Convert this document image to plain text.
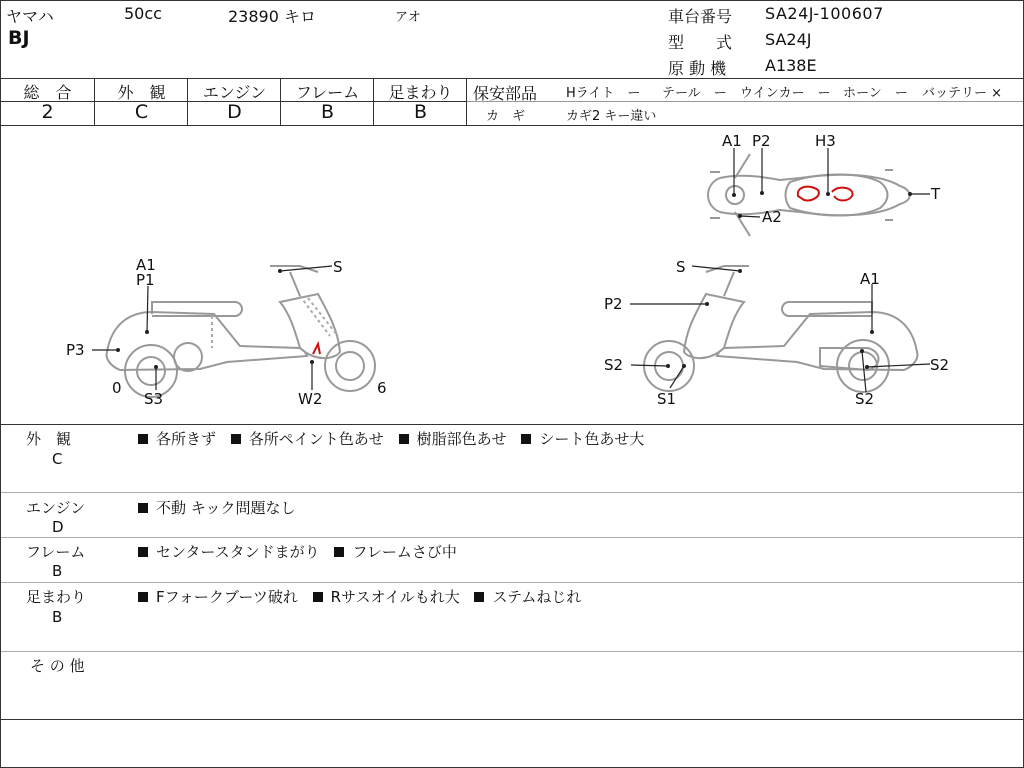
ヤマハ	50cc	23890 キロ	アオ
BJ
車台番号 SA24J-100607
型　　式 SA24J
原 動 機 A138E
総　合	外　観	エンジン	フレーム	足まわり
2	C	D	B	B
保安部品 Hライト　ー テール　ー ウインカー　ー ホーン　ー バッテリー ×
カ　ギ	カギ2 キー違い
A1
P1
S
P3
0
S3	W2
6
S
P2
A1
S2
S1
S2
S2
A1 P2	H3
T
A2
外　観
C
各所きず 各所ペイント色あせ 樹脂部色あせ シート色あせ大
エンジン
D
不動 キック問題なし
フレーム
B
センタースタンドまがり フレームさび中
足まわり
B
Fフォークブーツ破れ Rサスオイルもれ大 ステムねじれ
そ の 他
